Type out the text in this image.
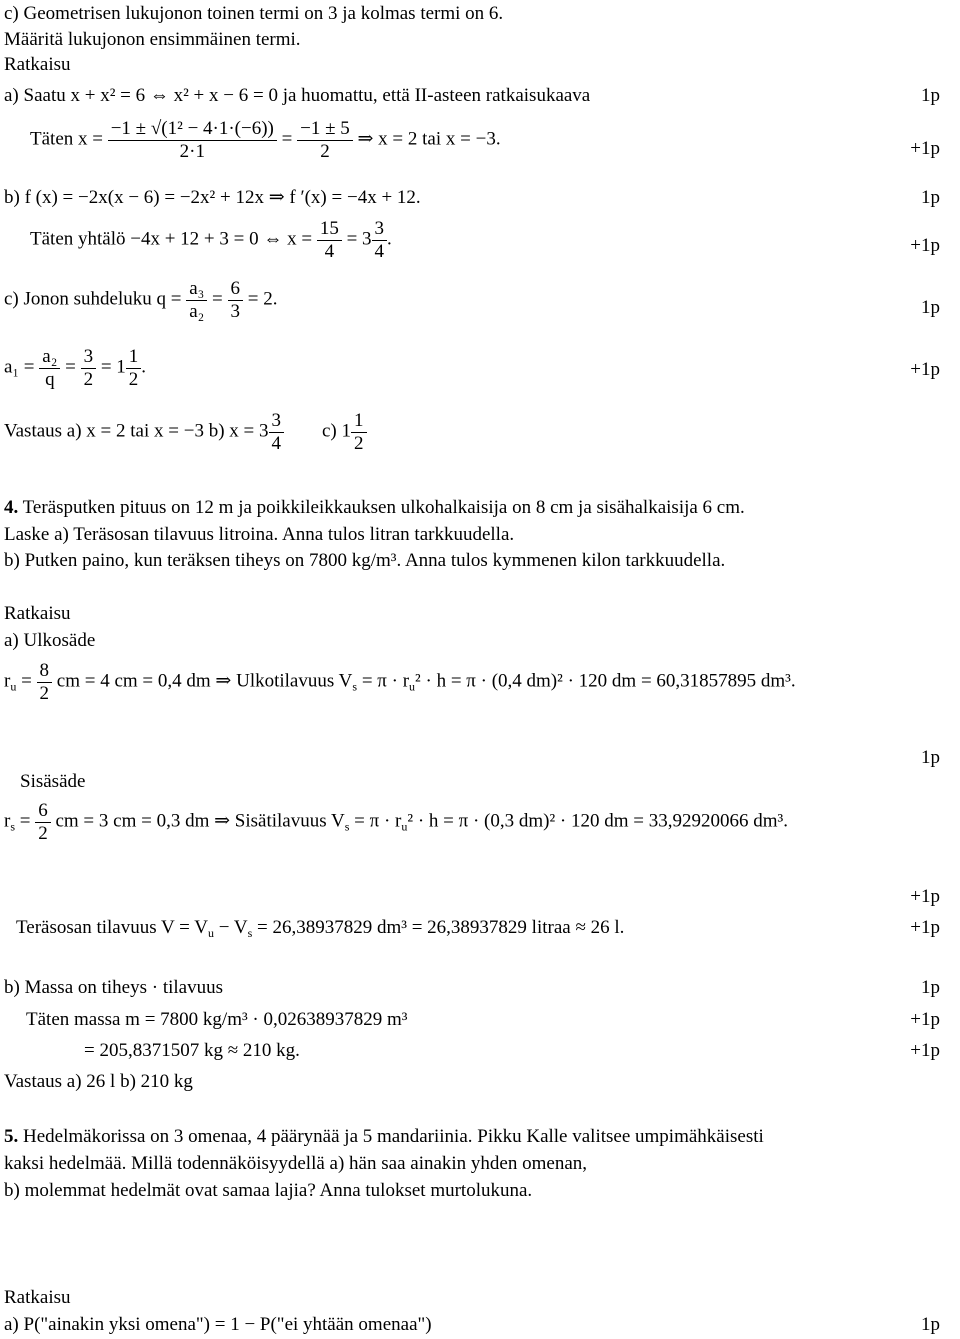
c) Geometrisen lukujonon toinen termi on 3 ja kolmas termi on 6.
Määritä lukujonon ensimmäinen termi.
Ratkaisu
a) Saatu x + x² = 6 ⇔ x² + x − 6 = 0 ja huomattu, että II-asteen ratkaisukaava	1p
Täten $x = \frac{\text{−1 ± √(1² − 4·1·(−6))}}{2\cdot 1} = \frac{-1 \pm 5}{2}$ ⇒ x = 2 tai x = −3.	+1p
b) f (x) = −2x(x − 6) = −2x² + 12x ⇒ f ′(x) = −4x + 12.	1p
Täten yhtälö −4x + 12 + 3 = 0 ⇔ $x = \frac{15}{4} = 3 \frac{3}{4}$ .	+1p
c) Jonon suhdeluku $q = \frac{\text{a₃}}{\text{a₂}} = \frac{6}{3} = 2$.	1p
$a_1 = \frac{\text{a₂}}{q} = \frac{3}{2} = 1 \frac{1}{2}$ .	+1p
Vastaus a) x = 2 tai x = −3 b) $x = 3 \frac{3}{4} c$) $1 \frac{1}{2}$
4. Teräsputken pituus on 12 m ja poikkileikkauksen ulkohalkaisija on 8 cm ja sisähalkaisija 6 cm.
Laske a) Teräsosan tilavuus litroina. Anna tulos litran tarkkuudella.
b) Putken paino, kun teräksen tiheys on 7800 kg/m³. Anna tulos kymmenen kilon tarkkuudella.
Ratkaisu
a) Ulkosäde
$r_u = \frac{8}{2}$ cm = 4 cm = 0,4 dm ⇒ Ulkotilavuus $V_s = \pi \cdot r_u^2 \cdot h = \pi \cdot (0,4$ dm)² · 120 dm = 60,31857895 dm³.
1p
Sisäsäde
$r_s = \frac{6}{2}$ cm = 3 cm = 0,3 dm ⇒ Sisätilavuus $V_s = \pi \cdot r_u^2 \cdot h = \pi \cdot (0,3$ dm)² · 120 dm = 33,92920066 dm³.
+1p
Teräsosan tilavuus $V = V_u - V_s = 26,38937829$ dm³ = 26,38937829 litraa ≈ 26 l.	+1p
b) Massa on tiheys · tilavuus	1p
Täten massa m = 7800 kg/m³ · 0,02638937829 m³	+1p
= 205,8371507 kg ≈ 210 kg.	+1p
Vastaus a) 26 l b) 210 kg
5. Hedelmäkorissa on 3 omenaa, 4 päärynää ja 5 mandariinia. Pikku Kalle valitsee umpimähkäisesti
kaksi hedelmää. Millä todennäköisyydellä a) hän saa ainakin yhden omenan,
b) molemmat hedelmät ovat samaa lajia? Anna tulokset murtolukuna.
Ratkaisu
a) P("ainakin yksi omena") = 1 − P("ei yhtään omenaa")	1p
